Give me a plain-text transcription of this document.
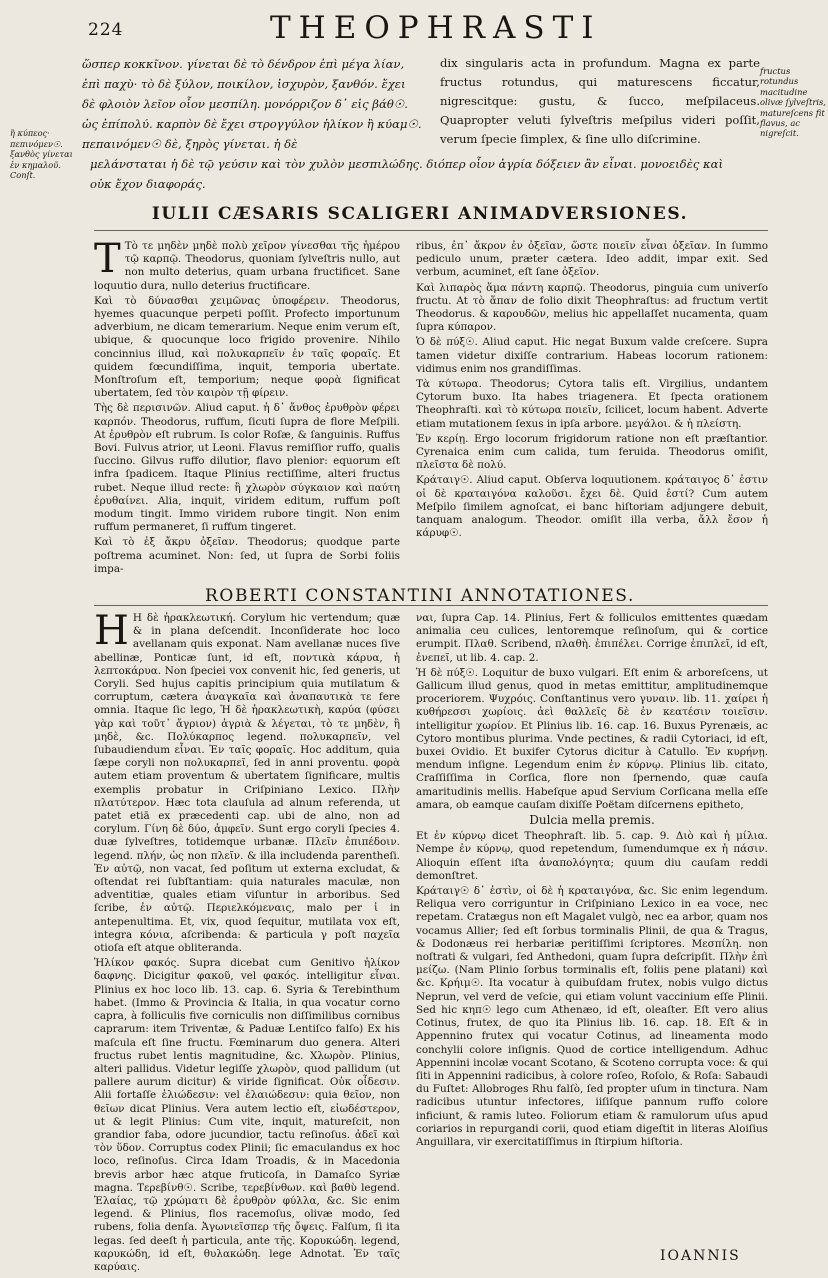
224	THEOPHRASTI
ὥσπερ κοκκῖνον. γίνεται δὲ τὸ δένδρον ἐπὶ μέγα λίαν, ἐπὶ παχὺ· τὸ δὲ ξύλον, ποικίλον, ἰσχυρὸν, ξανθόν. ἔχει δὲ φλοιὸν λεῖον οἷον μεσπίλη. μονόρριζον δ᾽ εἰς βάθ☉. ὡς ἐπίπολύ. καρπὸν δὲ ἔχει στρογγύλον ἡλίκον ἢ κύαμ☉. πεπαινόμεν☉ δὲ, ξηρὸς γίνεται. ἡ δὲ
dix singularis acta in profundum. Magna ex parte fructus rotundus, qui maturescens ficcatur, nigrescitque: gustu, & ſucco, meſpilaceus. Quapropter veluti ſylveſtris meſpilus videri poſſit, verum ſpecie ſimplex, & ſine ullo diſcrimine.
μελάνσταται ἡ δὲ τῷ γεύσιν καὶ τὸν χυλὸν μεσπιλώδης. διόπερ οἷον ἀγρία δόξειεν ἂν εἶναι. μονοειδὲς καὶ οὐκ ἔχον διαφοράς.
ἢ κύπεος· πεπινόμεν☉. ξανθὸς γίνεται ἐν κημαλοῦ. Conſt.
fructus rotundus macitudine olivæ ſylveſtris, matureſcens fit flavus, ac nigreſcit.
IULII CÆSARIS SCALIGERI ANIMADVERSIONES.

T Τὸ τε μηδὲν μηδὲ πολὺ χεῖρον γίνεσθαι τῆς ἡμέρου τῷ καρπῷ. Theodorus, quoniam ſylveſtris nullo, aut non multo deterius, quam urbana fructificet. Sane loquutio dura, nullo deterius fructificare.

Καὶ τὸ δύνασθαι χειμῶνας ὑποφέρειν. Theodorus, hyemes quacunque perpeti poſſit. Profecto importunum adverbium, ne dicam temerarium. Neque enim verum eſt, ubique, & quocunque loco frigido provenire. Nihilo concinnius illud, καὶ πολυκαρπεῖν ἐν ταῖς φοραῖς. Et quidem fœcundiſſima, inquit, temporia ubertate. Monſtroſum eſt, temporium; neque φορὰ ſignificat ubertatem, ſed τὸν καιρὸν τῇ φίρειν.

Τὴς δὲ περισινῶν. Aliud caput. ἡ δ᾽ ἄνθος ἐρυθρὸν φέρει καρπόν. Theodorus, ruffum, ſicuti ſupra de flore Meſpili. At ἐρυθρὸν eſt rubrum. Is color Roſæ, & ſanguinis. Ruffus Bovi. Fulvus atrior, ut Leoni. Flavus remiſſior ruffo, qualis ſuccino. Gilvus ruffo dilutior, flavo plenior: equorum eſt infra ſpadicem. Itaque Plinius rectiſſime, alteri fructus rubet. Neque illud recte: ἢ χλωρὸν σύγκαιον καὶ παύτη ἐρυθαίνει. Alia, inquit, viridem editum, ruffum poſt modum tingit. Immo viridem rubore tingit. Non enim ruffum permaneret, ſi ruffum tingeret.

Καὶ τὸ ἐξ ἄκρυ ὀξεῖαν. Theodorus; quodque parte poſtrema acuminet. Non: ſed, ut ſupra de Sorbi foliis impa-

ribus, ἐπ᾽ ἄκρον ἐν ὀξεῖαν, ὥστε ποιεῖν εἶναι ὀξεῖαν. In ſummo pediculo unum, præter cætera. Ideo addit, impar exit. Sed verbum, acuminet, eſt ſane ὀξεῖον.

Καὶ λιπαρὸς ἅμα πάντη καρπῷ. Theodorus, pinguia cum univerſo fructu. At τὸ ἅπαν de folio dixit Theophraſtus: ad fructum vertit Theodorus. & καρουδῶν, melius hic appellaſſet nucamenta, quam ſupra κύπαρον.

Ὁ δὲ πύξ☉. Aliud caput. Hic negat Buxum valde creſcere. Supra tamen videtur dixiſſe contrarium. Habeas locorum rationem: vidimus enim nos grandiſſimas.

Τὰ κύτωρα. Theodorus; Cytora talis eſt. Virgilius, undantem Cytorum buxo. Ita habes triagenera. Et ſpecta orationem Theophraſti. καὶ τὸ κύτωρα ποιεῖν, ſcilicet, locum habent. Adverte etiam mutationem ſexus in ipſa arbore. μεγάλοι. & ἡ πλείστη.

Ἐν κερίῃ. Ergo locorum frigidorum ratione non eſt præſtantior. Cyrenaica enim cum calida, tum feruida. Theodorus omiſit, πλεῖστα δὲ πολύ.

Κράταιγ☉. Aliud caput. Obſerva loquutionem. κράταιγος δ᾽ ἐστιν οἱ δὲ κραταιγόνα καλοῦσι. ἔχει δὲ. Quid ἐστί? Cum autem Meſpilo ſimilem agnoſcat, ei banc hiſtoriam adjungere debuit, tanquam analogum. Theodor. omiſit illa verba, ἄλλ ἔσον ἡ κάρυφ☉.

ROBERTI CONSTANTINI ANNOTATIONES.

H H δὲ ἡρακλεωτική. Corylum hic vertendum; quæ & in plana deſcendit. Inconſiderate hoc loco avellanam quis exponat. Nam avellanæ nuces ſive abellinæ, Ponticæ ſunt, id eſt, ποντικὰ κάρυα, ἡ λεπτοκάρυα. Non ſpeciei vox convenit hic, ſed generis, ut Coryli. Sed hujus capitis principium quia mutilatum & corruptum, cætera ἀναγκαῖα καὶ ἀναπαυτικὰ τε fere omnia. Itaque ſic lego, Ἡ δὲ ἡρακλεωτικὴ, καρύα (φύσει γὰρ καὶ τοῦτ᾽ ἄγριον) ἀγριὰ & λέγεται, τὸ τε μηδὲν, ἢ μηδὲ, &c. Πολύκαρπος legend. πολυκαρπεῖν, vel ſubaudiendum εἶναι. Ἐν ταῖς φοραῖς. Hoc additum, quia ſæpe coryli non πολυκαρπεῖ, ſed in anni proventu. φορὰ autem etiam proventum & ubertatem ſignificare, multis exemplis probatur in Criſpiniano Lexico. Πλὴν πλατύτερον. Hæc tota clauſula ad alnum referenda, ut patet etiā ex præcedenti cap. ubi de alno, non ad corylum. Γίνη δὲ δύο, ἀμφεῖν. Sunt ergo coryli ſpecies 4. duæ ſylveſtres, totidemque urbanæ. Πλεῖν ἐπιπέδοιν. legend. πλήν, ὡς non πλεῖν. & illa includenda parentheſi. Ἐν αὐτῷ, non vacat, ſed poſitum ut externa excludat, & oſtendat rei ſubſtantiam: quia naturales maculæ, non adventitiæ, quales etiam viſuntur in arboribus. Sed ſcribe, ἐν αὐτῷ. Περιελκόμεναις, malo per ἰ in antepenultima. Et, vix, quod ſequitur, mutilata vox eſt, integra κόνια, aſcribenda: & particula γ poſt παχεῖα otioſa eſt atque obliteranda.

Ἡλίκον φακός. Supra dicebat cum Genitivo ἡλίκον δαφνης. Dicigitur φακοῦ, vel φακός. intelligitur εἶναι. Plinius ex hoc loco lib. 13. cap. 6. Syria & Terebinthum habet. (Immo & Provincia & Italia, in qua vocatur corno capra, à folliculis five corniculis non diſſimilibus cornibus caprarum: item Triventæ, & Paduæ Lentiſco falſo) Ex his maſcula eſt ſine fructu. Fœminarum duo genera. Alteri fructus rubet lentis magnitudine, &c. Χλωρὸν. Plinius, alteri pallidus. Videtur legiſſe χλωρὸν, quod pallidum (ut pallere aurum dicitur) & viride ſignificat. Οὐκ οἶδεσιν. Alii fortaſſe ἐλιώδεσιν: vel ἐλαιώδεσιν: quia θεῖον, non θεῖων dicat Plinius. Vera autem lectio eſt, εἰωδέστερον, ut & legit Plinius: Cum vite, inquit, matureſcit, non grandior faba, odore jucundior, tactu reſinoſus. ἀδεῖ καὶ τὸν ὕδον. Corruptus codex Plinii; ſic emaculandus ex hoc loco, reſinoſus. Circa Idam Troadis, & in Macedonia brevis arbor hæc atque fruticoſa, in Damaſco Syriæ magna. Τερεβίνθ☉. Scribe, τερεβίνθων. καὶ βαθὺ legend. Ἐλαίας, τῷ χρώματι δὲ ἐρυθρὸν φύλλα, &c. Sic enim legend. & Plinius, flos racemoſus, olivæ modo, ſed rubens, folia denſa. Ἀγωνιεῖσπερ τῆς ὄψεις. Falſum, ſi ita legas. ſed deeſt ἡ particula, ante τῆς. Κορυκώδη. legend, καρυκώδη, id eſt, θυλακώδη. lege Adnotat. Ἐν ταῖς καρύαις.

ναι, ſupra Cap. 14. Plinius, Fert & folliculos emittentes quædam animalia ceu culices, lentoremque reſinoſum, qui & cortice erumpit. Πλαθ. Scribend, πλαθὴ. ἐπιπέλει. Corrige ἐπιπλεῖ, id eſt, ἐνεπεῖ, ut lib. 4. cap. 2.

Ἡ δὲ πύξ☉. Loquitur de buxo vulgari. Eſt enim & arboreſcens, ut Gallicum illud genus, quod in metas emittitur, amplitudinemque proceriorem. Ψυχρόις. Conſtantinus vero γυναιν. lib. 11. χαίρει ἡ κυθήρεσσι χωρίοις. ἀεὶ θαλλεῖς δὲ ἐν κεατέσιν τοιεῖσιν. intelligitur χωρίον. Et Plinius lib. 16. cap. 16. Buxus Pyrenæis, ac Cytoro montibus plurima. Vnde pectines, & radii Cytoriaci, id eſt, buxei Ovidio. Et buxifer Cytorus dicitur à Catullo. Ἐν κυρήνῃ. mendum inſigne. Legendum enim ἐν κύρνῳ. Plinius lib. citato, Craſſiſſima in Corſica, flore non ſpernendo, quæ cauſa amaritudinis mellis. Habeſque apud Servium Corſicana mella eſſe amara, ob eamque cauſam dixiſſe Poëtam diſcernens epitheto,

Dulcia mella premis.

Et ἐν κύρνῳ dicet Theophraſt. lib. 5. cap. 9. Διὸ καὶ ἡ μίλια. Nempe ἐν κύρνῳ, quod repetendum, ſumendumque ex ἡ πάσιν. Alioquin eſſent iſta ἀναπολόγητα; quum diu cauſam reddi demonſtret.

Κράταιγ☉ δ᾽ ἐστὶν, οἱ δὲ ἡ κραταιγόνα, &c. Sic enim legendum. Reliqua vero corriguntur in Criſpiniano Lexico in ea voce, nec repetam. Cratægus non eſt Magalet vulgò, nec ea arbor, quam nos vocamus Allier; ſed eſt ſorbus torminalis Plinii, de qua & Tragus, & Dodonæus rei herbariæ peritiſſimi ſcriptores. Μεσπίλη. non noſtrati & vulgari, ſed Anthedoni, quam ſupra deſcripſit. Πλὴν ἐπὶ μείζω. (Nam Plinio ſorbus torminalis eſt, foliis pene platani) καὶ &c. Κρήιμ☉. Ita vocatur à quibuſdam frutex, nobis vulgo dictus Neprun, vel verd de veſcie, qui etiam volunt vaccinium eſſe Plinii. Sed hic κηπ☉ lego cum Athenæo, id eſt, oleaſter. Eſt vero alius Cotinus, frutex, de quo ita Plinius lib. 16. cap. 18. Eſt & in Appennino frutex qui vocatur Cotinus, ad lineamenta modo conchylii colore inſignis. Quod de cortice intelligendum. Adhuc Appennini incolæ vocant Scotano, & Scoteno corrupta voce: & qui ſiti in Appennini radicibus, à colore roſeo, Roſolo, & Roſa: Sabaudi du Fuſtet: Allobroges Rhu falſò, ſed propter uſum in tinctura. Nam radicibus utuntur infectores, iiſiſque pannum ruffo colore inficiunt, & ramis luteo. Foliorum etiam & ramulorum uſus apud coriarios in repurgandi corii, quod etiam digeſtit in literas Aloiſius Anguillara, vir exercitatiſſimus in ſtirpium hiſtoria.

IOANNIS
